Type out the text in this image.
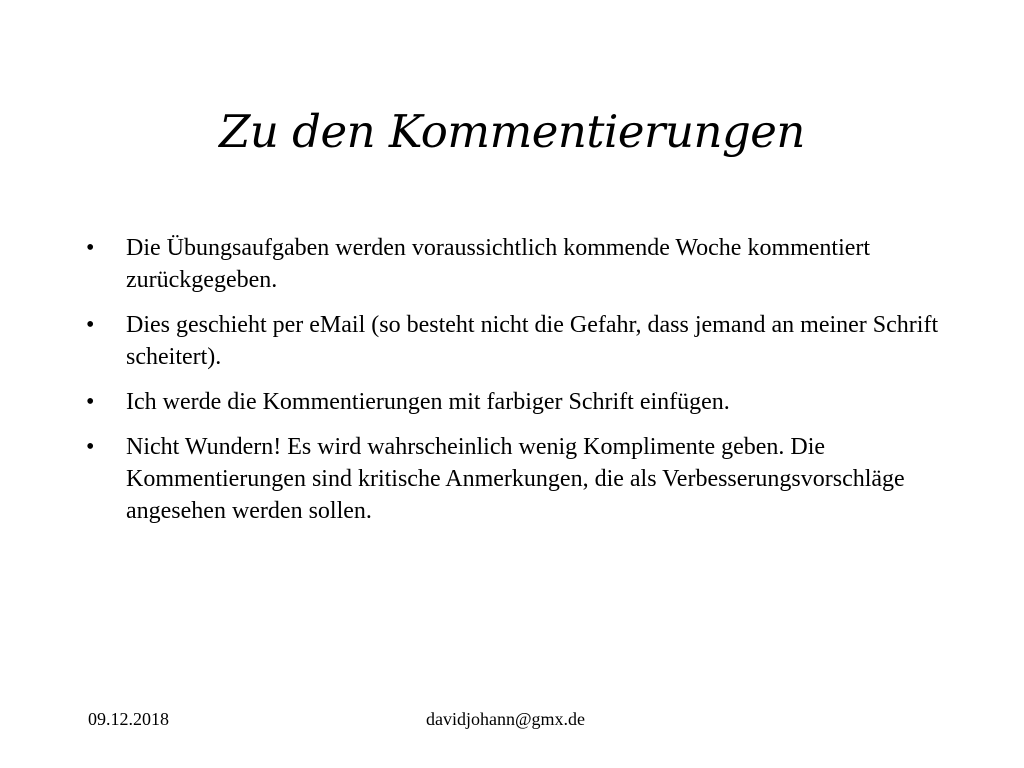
Zu den Kommentierungen
•	Die Übungsaufgaben werden voraussichtlich kommende Woche kommentiert zurückgegeben.
•	Dies geschieht per eMail (so besteht nicht die Gefahr, dass jemand an meiner Schrift scheitert).
•	Ich werde die Kommentierungen mit farbiger Schrift einfügen.
•	Nicht Wundern! Es wird wahrscheinlich wenig Komplimente geben. Die Kommentierungen sind kritische Anmerkungen, die als Verbesserungsvorschläge angesehen werden sollen.
09.12.2018	davidjohann@gmx.de
